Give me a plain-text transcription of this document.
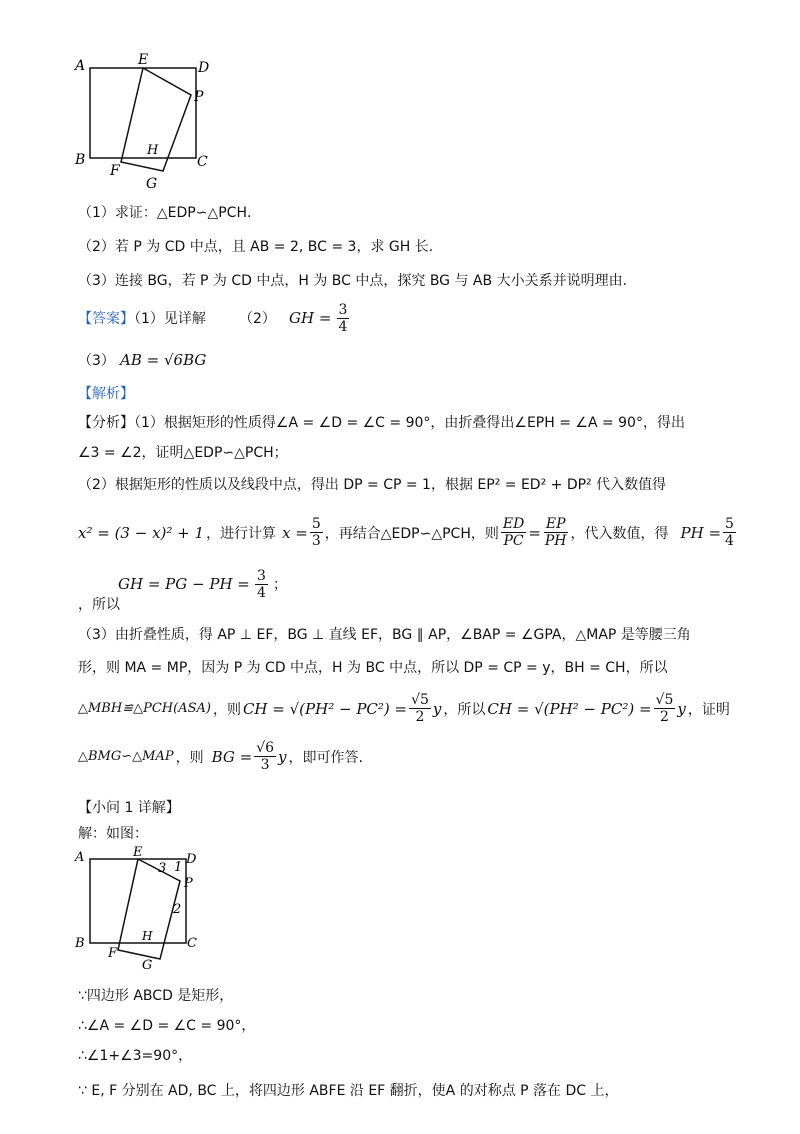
A	E	D
P
B	C
H
F
G
（1）求证：△EDP∽△PCH．
（2）若 P 为 CD 中点，且 AB = 2, BC = 3，求 GH 长.
（3）连接 BG，若 P 为 CD 中点，H 为 BC 中点，探究 BG 与 AB 大小关系并说明理由.
【答案】（1）见详解 （2） GH = $\frac{3}{4}$
（3） AB = √6BG
【解析】
【分析】（1）根据矩形的性质得∠A = ∠D = ∠C = 90°，由折叠得出∠EPH = ∠A = 90°，得出
∠3 = ∠2，证明△EDP∽△PCH；
（2）根据矩形的性质以及线段中点，得出 DP = CP = 1，根据 EP² = ED² + DP² 代入数值得
x² = (3 − x)² + 1 ，进行计算 $x = \frac{5}{3}$ ，再结合△EDP∽△PCH，则 $\frac{ED}{PC} = \frac{EP}{PH}$ ，代入数值，得 PH = $\frac{5}{4}$
GH = PG − PH = $\frac{3}{4}$ ；
，所以
（3）由折叠性质，得 AP ⊥ EF，BG ⊥ 直线 EF，BG ∥ AP，∠BAP = ∠GPA，△MAP 是等腰三角
形，则 MA = MP，因为 P 为 CD 中点，H 为 BC 中点，所以 DP = CP = y，BH = CH，所以
△MBH≌△PCH(ASA) ，则 CH = $√(PH^2 - PC^2) = \frac{√5}{2}$ y ，所以 CH = $√(PH^2 - PC^2) = \frac{√5}{2}$ y ，证明
△BMG∽△MAP ，则 BG = $\frac{√6}{3}$ y ，即可作答.
【小问 1 详解】
解：如图：
A	E	D
P
3 1
2
B	C
H
F
G
∵四边形 ABCD 是矩形，
∴∠A = ∠D = ∠C = 90°，
∴∠1+∠3=90°，
∵ E, F 分别在 AD, BC 上，将四边形 ABFE 沿 EF 翻折，使A 的对称点 P 落在 DC 上，
